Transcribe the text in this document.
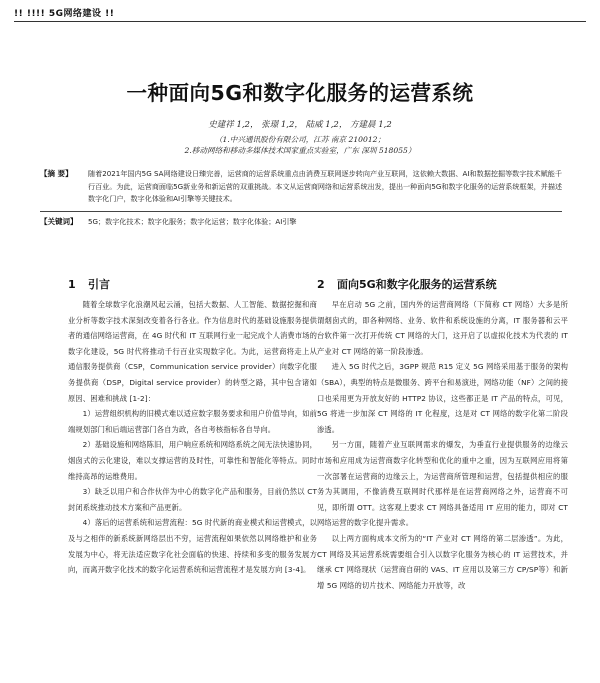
!! !!!! 5G网络建设 !!
一种面向5G和数字化服务的运营系统
史建祥 1,2， 张璟 1,2， 陆威 1,2， 方建晨 1,2
（1.中兴通讯股份有限公司，江苏 南京 210012；
2.移动网络和移动多媒体技术国家重点实验室，广东 深圳 518055）
【摘 要】	随着2021年国内5G SA网络建设日臻完善，运营商的运营系统重点由消费互联网逐步转向产业互联网，这依赖大数据、AI和数据挖掘等数字技术赋能千行百业。为此，运营商面临5G新业务和新运营的双重挑战。本文从运营商网络和运营系统出发，提出一种面向5G和数字化服务的运营系统框架，并描述数字化门户，数字化体验和AI引擎等关键技术。
【关键词】	5G；数字化技术；数字化服务；数字化运营；数字化体验；AI引擎
1 引言

随着全球数字化浪潮风起云涌，包括大数据、人工智能、数据挖掘和商业分析等数字技术深刻改变着各行各业。作为信息时代的基础设施服务提供者的通信网络运营商，在 4G 时代和 IT 互联网行业一起完成个人消费市场的数字化建设，5G 时代将推动千行百业实现数字化。为此，运营商将走上从通信服务提供商（CSP，Communication service provider）向数字化服务提供商（DSP，Digital service provider）的转型之路，其中包含诸如原因、困难和挑战 [1-2]：

1）运营组织机构的旧模式难以适应数字服务要求和用户价值导向，如前端规划部门和后端运营部门各自为政，各自考核指标各自导向。

2）基础设施和网络陈旧，用户响应系统和网络系统之间无法快速协同，烟囱式的云化建设，难以支撑运营的及时性，可靠性和智能化等特点。同时维持高昂的运维费用。

3）缺乏以用户和合作伙伴为中心的数字化产品和服务，目前仍然以 CT 封闭系统推动技术方案和产品更新。

4）落后的运营系统和运营流程：5G 时代新的商业模式和运营模式，以及与之相伴的新系统新网络层出不穷，运营流程如果依然以网络维护和业务发展为中心，将无法适应数字化社会面临的快速、持续和多变的服务发展方向，而离开数字化技术的数字化运营系统和运营流程才是发展方向 [3-4]。

2 面向5G和数字化服务的运营系统

早在启动 5G 之前，国内外的运营商网络（下简称 CT 网络）大多是所谓烟囱式的，即各种网络、业务、软件和系统设施的分离，IT 服务器和云平台软件第一次打开传统 CT 网络的大门，这开启了以虚拟化技术为代表的 IT 产业对 CT 网络的第一阶段渗透。

进入 5G 时代之后，3GPP 规范 R15 定义 5G 网络采用基于服务的架构（SBA），典型的特点是微服务、跨平台和易演进，网络功能（NF）之间的接口也采用更为开放友好的 HTTP2 协议，这些都正是 IT 产品的特点，可见，5G 将进一步加深 CT 网络的 IT 化程度，这是对 CT 网络的数字化第二阶段渗透。

另一方面，随着产业互联网需求的爆发，为垂直行业提供服务的边缘云市场和应用成为运营商数字化转型和优化的重中之重，因为互联网应用将第一次部署在运营商的边缘云上，为运营商所管理和运营，包括提供相应的服务为其调用，不像消费互联网时代那样是在运营商网络之外，运营商不可见，即所谓 OTT。这客观上要求 CT 网络具备适用 IT 应用的能力，即对 CT 网络运营的数字化提升需求。

以上两方面构成本文所为的“IT 产业对 CT 网络的第二层渗透”。为此，CT 网络及其运营系统需要组合引入以数字化服务为核心的 IT 运营技术，并继承 CT 网络现状（运营商自研的 VAS、IT 应用以及第三方 CP/SP等）和新增 5G 网络的切片技术、网络能力开放等，改
